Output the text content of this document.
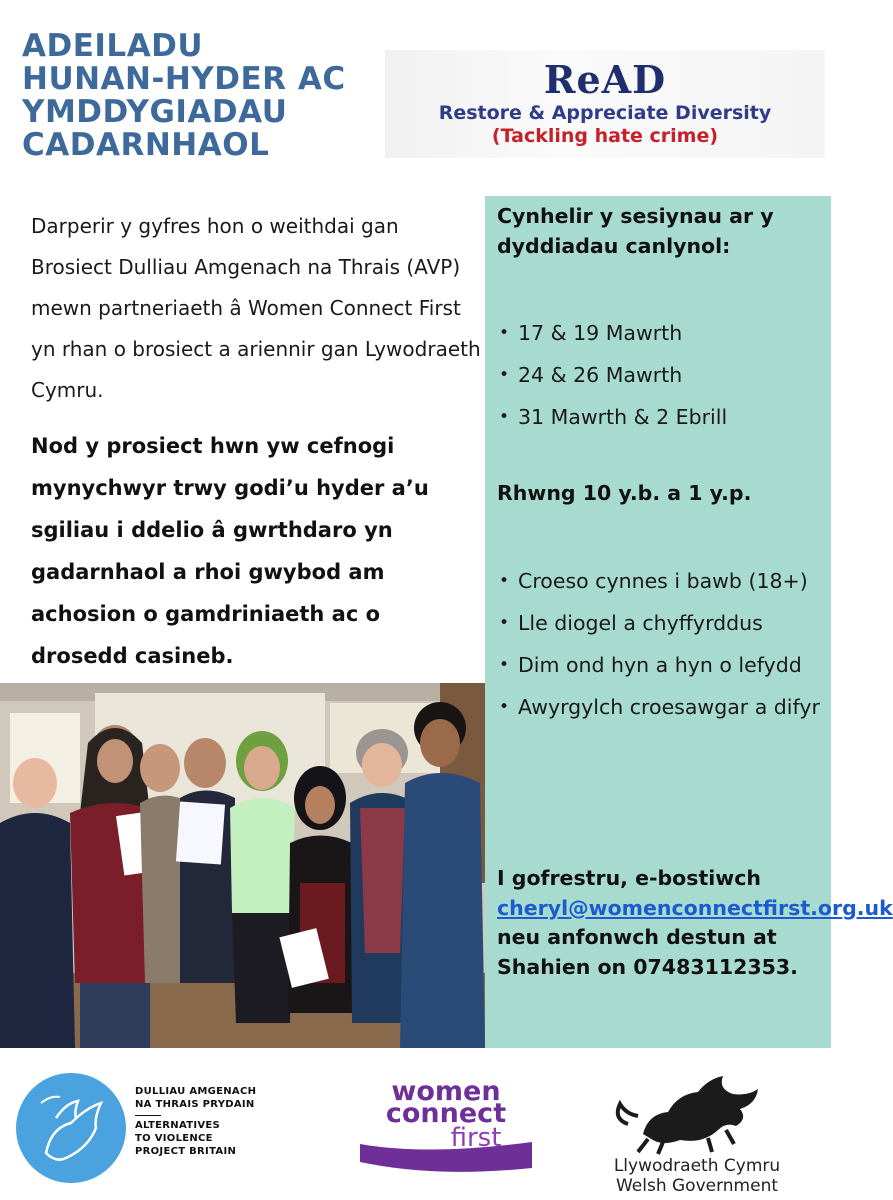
ADEILADU
HUNAN-HYDER AC
YMDDYGIADAU
CADARNHAOL
ReAD
Restore & Appreciate Diversity
(Tackling hate crime)

Darperir y gyfres hon o weithdai gan Brosiect Dulliau Amgenach na Thrais (AVP) mewn partneriaeth â Women Connect First yn rhan o brosiect a ariennir gan Lywodraeth Cymru.

Nod y prosiect hwn yw cefnogi mynychwyr trwy godi’u hyder a’u sgiliau i ddelio â gwrthdaro yn gadarnhaol a rhoi gwybod am achosion o gamdriniaeth ac o drosedd casineb.

Cynhelir y sesiynau ar y dyddiadau canlynol:
• 17 & 19 Mawrth
• 24 & 26 Mawrth
• 31 Mawrth & 2 Ebrill
Rhwng 10 y.b. a 1 y.p.
• Croeso cynnes i bawb (18+)
• Lle diogel a chyffyrddus
• Dim ond hyn a hyn o lefydd
• Awyrgylch croesawgar a difyr
I gofrestru, e-bostiwch cheryl@womenconnectfirst.org.uk neu anfonwch destun at Shahien on 07483112353.
DULLIAU AMGENACH
NA THRAIS PRYDAIN
ALTERNATIVES
TO VIOLENCE
PROJECT BRITAIN
women
connect
first
Llywodraeth Cymru
Welsh Government
